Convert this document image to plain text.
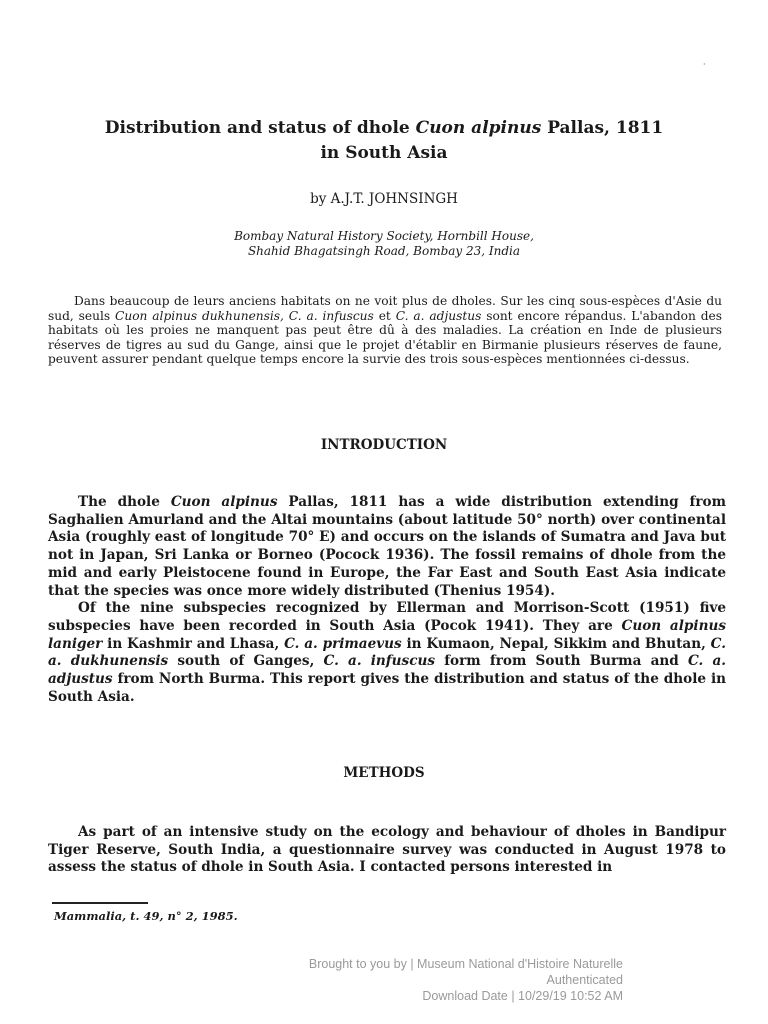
·
Distribution and status of dhole Cuon alpinus Pallas, 1811
in South Asia
by A.J.T. JOHNSINGH
Bombay Natural History Society, Hornbill House,
Shahid Bhagatsingh Road, Bombay 23, India

Dans beaucoup de leurs anciens habitats on ne voit plus de dholes. Sur les cinq sous-espèces d'Asie du sud, seuls Cuon alpinus dukhunensis, C. a. infuscus et C. a. adjustus sont encore répandus. L'abandon des habitats où les proies ne manquent pas peut être dû à des maladies. La création en Inde de plusieurs réserves de tigres au sud du Gange, ainsi que le projet d'établir en Birmanie plusieurs réserves de faune, peuvent assurer pendant quelque temps encore la survie des trois sous-espèces mentionnées ci-dessus.

INTRODUCTION

The dhole Cuon alpinus Pallas, 1811 has a wide distribution extending from Saghalien Amurland and the Altai mountains (about latitude 50° north) over continental Asia (roughly east of longitude 70° E) and occurs on the islands of Sumatra and Java but not in Japan, Sri Lanka or Borneo (Pocock 1936). The fossil remains of dhole from the mid and early Pleistocene found in Europe, the Far East and South East Asia indicate that the species was once more widely distributed (Thenius 1954).

Of the nine subspecies recognized by Ellerman and Morrison-Scott (1951) five subspecies have been recorded in South Asia (Pocok 1941). They are Cuon alpinus laniger in Kashmir and Lhasa, C. a. primaevus in Kumaon, Nepal, Sikkim and Bhutan, C. a. dukhunensis south of Ganges, C. a. infuscus form from South Burma and C. a. adjustus from North Burma. This report gives the distribution and status of the dhole in South Asia.

METHODS

As part of an intensive study on the ecology and behaviour of dholes in Bandipur Tiger Reserve, South India, a questionnaire survey was conducted in August 1978 to assess the status of dhole in South Asia. I contacted persons interested in

Mammalia, t. 49, n° 2, 1985.
Brought to you by | Museum National d'Histoire Naturelle
Authenticated
Download Date | 10/29/19 10:52 AM
